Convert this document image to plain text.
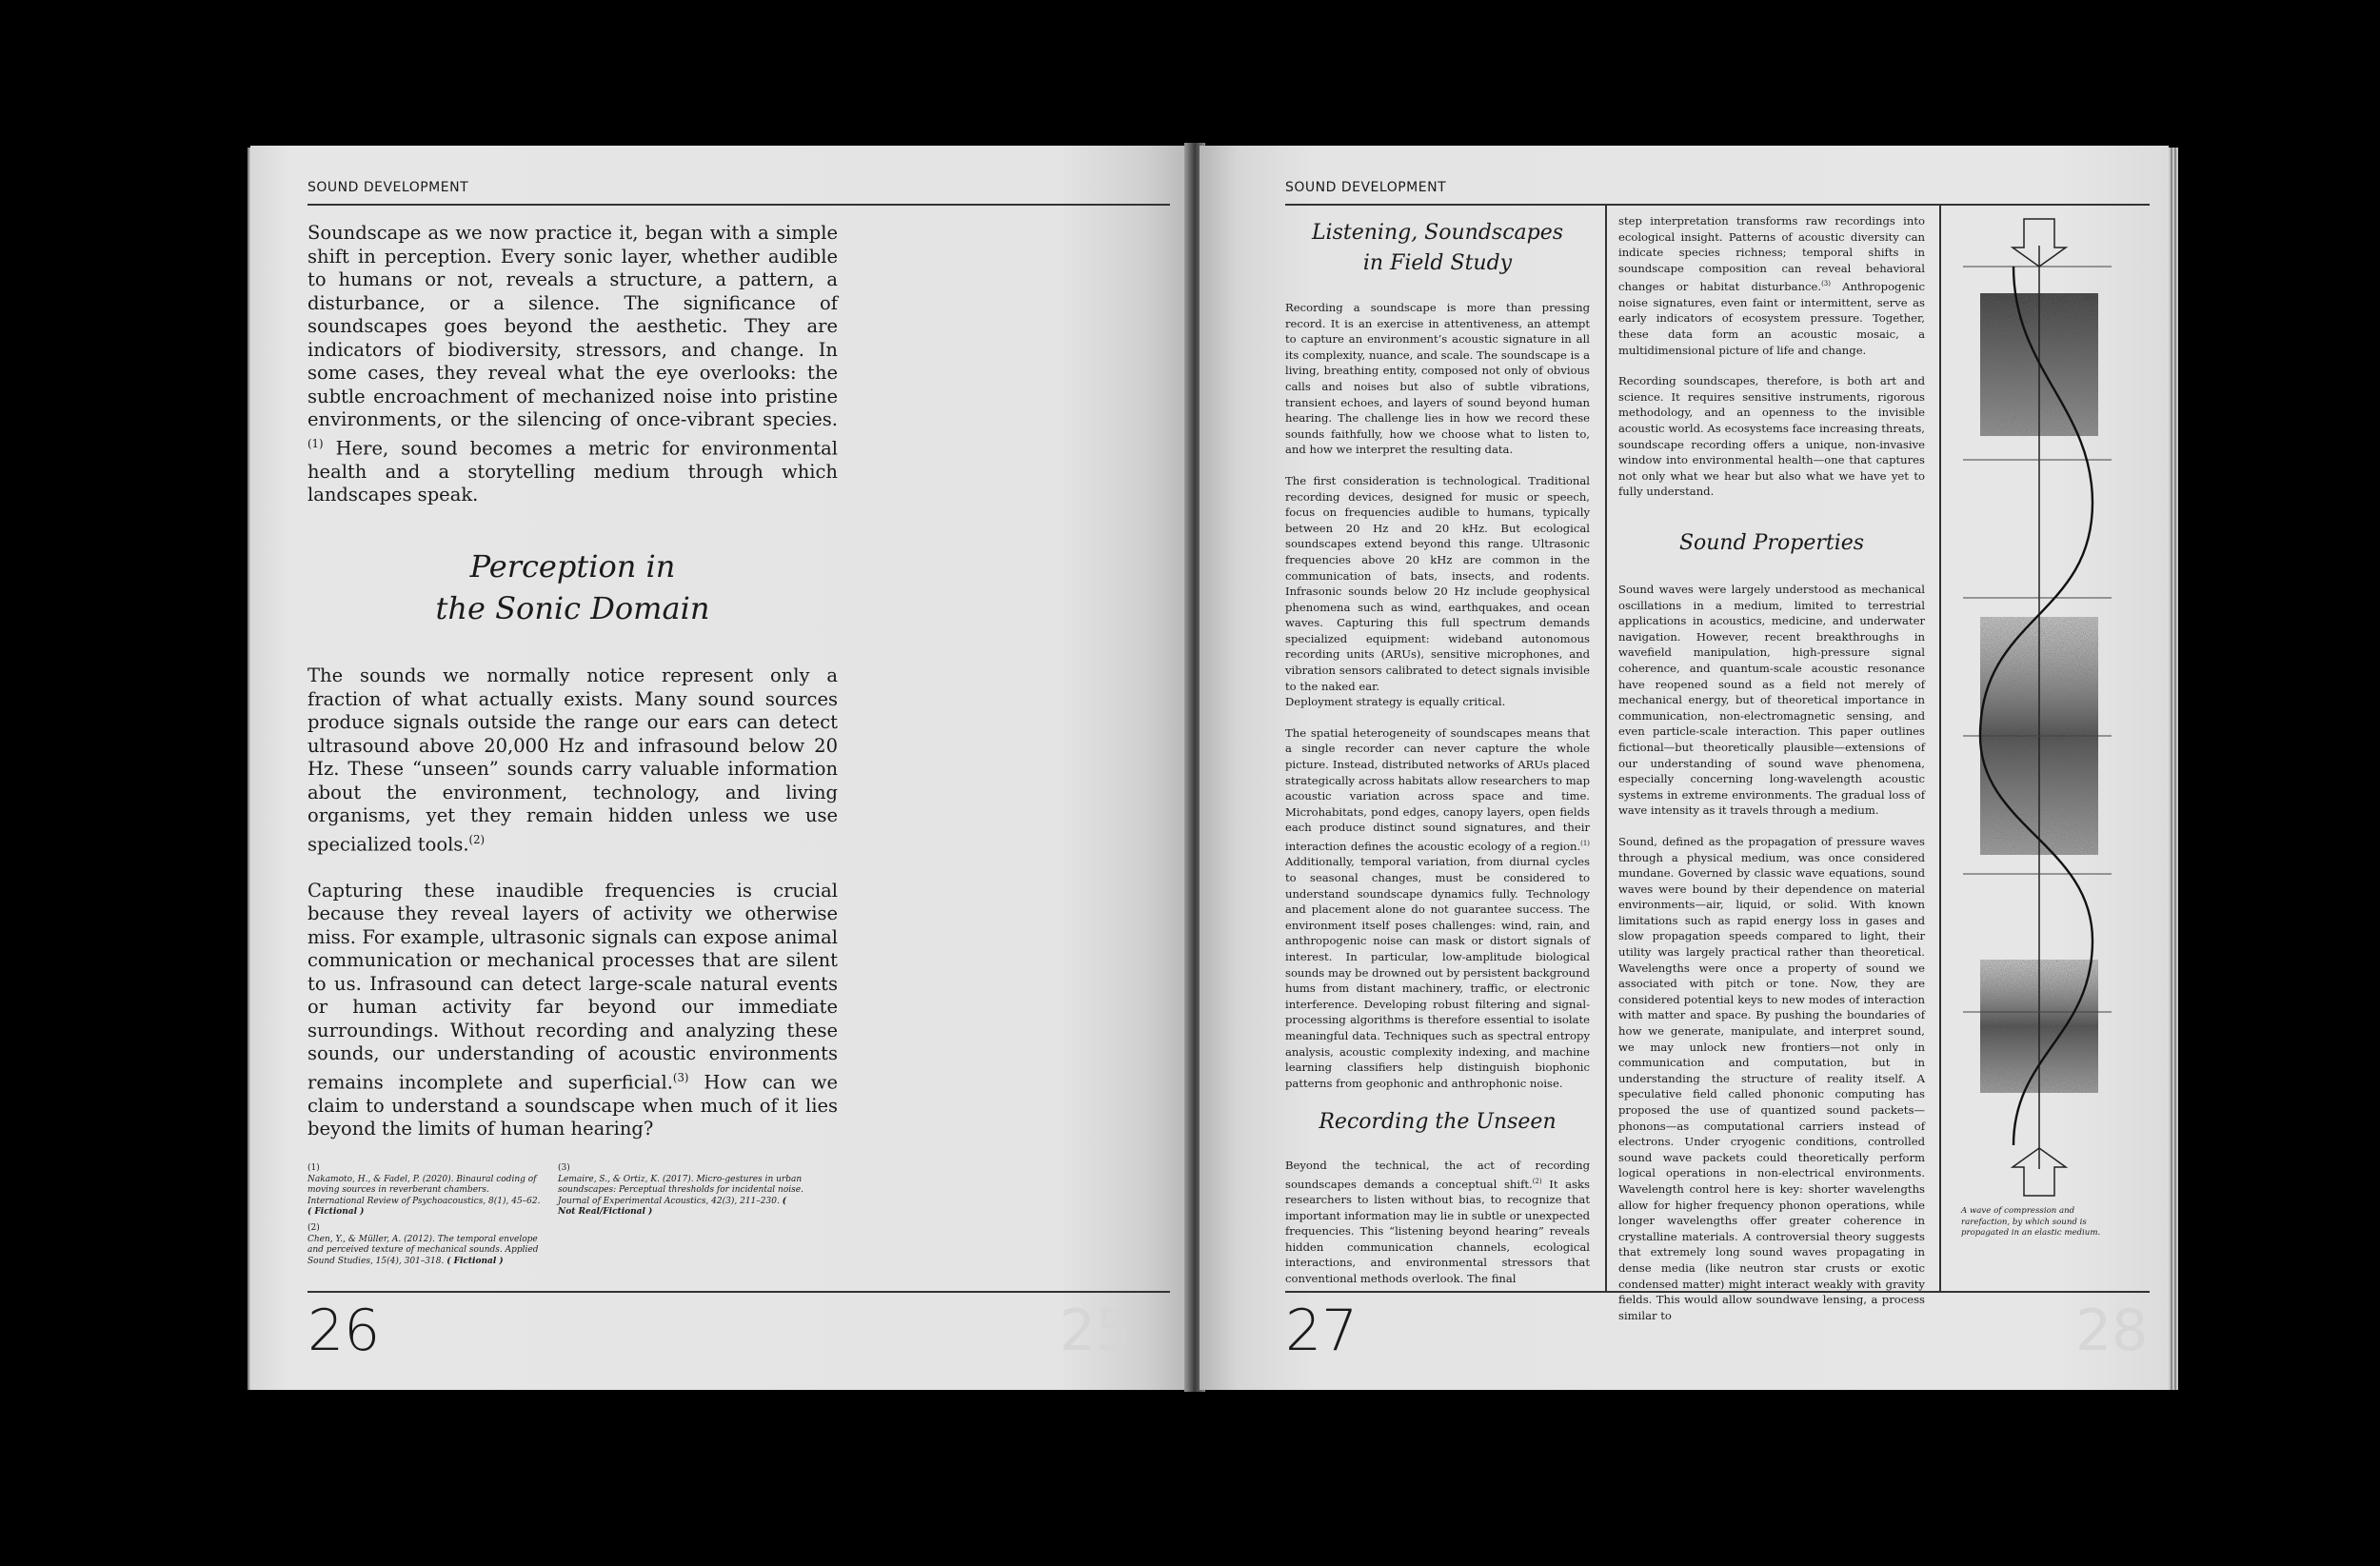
SOUND DEVELOPMENT

Soundscape as we now practice it, began with a simple shift in perception. Every sonic layer, whether audible to humans or not, reveals a structure, a pattern, a disturbance, or a silence. The significance of soundscapes goes beyond the aesthetic. They are indicators of biodiversity, stressors, and change. In some cases, they reveal what the eye overlooks: the subtle encroachment of mechanized noise into pristine environments, or the silencing of once-vibrant species.$^{(1)}$ Here, sound becomes a metric for environmental health and a storytelling medium through which landscapes speak.

Perception in
the Sonic Domain

The sounds we normally notice represent only a fraction of what actually exists. Many sound sources produce signals outside the range our ears can detect ultrasound above 20,000 Hz and infrasound below 20 Hz. These “unseen” sounds carry valuable information about the environment, technology, and living organisms, yet they remain hidden unless we use specialized tools.$^{(2)}$

Capturing these inaudible frequencies is crucial because they reveal layers of activity we otherwise miss. For example, ultrasonic signals can expose animal communication or mechanical processes that are silent to us. Infrasound can detect large-scale natural events or human activity far beyond our immediate surroundings. Without recording and analyzing these sounds, our understanding of acoustic environments remains incomplete and superficial.$^{(3)}$ How can we claim to understand a soundscape when much of it lies beyond the limits of human hearing?

(1)
Nakamoto, H., & Fadel, P. (2020). Binaural coding of moving sources in reverberant chambers. International Review of Psychoacoustics, 8(1), 45–62. ( Fictional )
(2)
Chen, Y., & Müller, A. (2012). The temporal envelope and perceived texture of mechanical sounds. Applied Sound Studies, 15(4), 301–318. ( Fictional )
(3)
Lemaire, S., & Ortiz, K. (2017). Micro-gestures in urban soundscapes: Perceptual thresholds for incidental noise. Journal of Experimental Acoustics, 42(3), 211–230. ( Not Real/Fictional )
26	25
SOUND DEVELOPMENT
Listening, Soundscapes
in Field Study

Recording a soundscape is more than pressing record. It is an exercise in attentiveness, an attempt to capture an environment’s acoustic signature in all its complexity, nuance, and scale. The soundscape is a living, breathing entity, composed not only of obvious calls and noises but also of subtle vibrations, transient echoes, and layers of sound beyond human hearing. The challenge lies in how we record these sounds faithfully, how we choose what to listen to, and how we interpret the resulting data.

The first consideration is technological. Traditional recording devices, designed for music or speech, focus on frequencies audible to humans, typically between 20 Hz and 20 kHz. But ecological soundscapes extend beyond this range. Ultrasonic frequencies above 20 kHz are common in the communication of bats, insects, and rodents. Infrasonic sounds below 20 Hz include geophysical phenomena such as wind, earthquakes, and ocean waves. Capturing this full spectrum demands specialized equipment: wideband autonomous recording units (ARUs), sensitive microphones, and vibration sensors calibrated to detect signals invisible to the naked ear.

Deployment strategy is equally critical.

The spatial heterogeneity of soundscapes means that a single recorder can never capture the whole picture. Instead, distributed networks of ARUs placed strategically across habitats allow researchers to map acoustic variation across space and time. Microhabitats, pond edges, canopy layers, open fields each produce distinct sound signatures, and their interaction defines the acoustic ecology of a region.$^{(1)}$ Additionally, temporal variation, from diurnal cycles to seasonal changes, must be considered to understand soundscape dynamics fully. Technology and placement alone do not guarantee success. The environment itself poses challenges: wind, rain, and anthropogenic noise can mask or distort signals of interest. In particular, low-amplitude biological sounds may be drowned out by persistent background hums from distant machinery, traffic, or electronic interference. Developing robust filtering and signal-processing algorithms is therefore essential to isolate meaningful data. Techniques such as spectral entropy analysis, acoustic complexity indexing, and machine learning classifiers help distinguish biophonic patterns from geophonic and anthrophonic noise.

Recording the Unseen

Beyond the technical, the act of recording soundscapes demands a conceptual shift.$^{(2)}$ It asks researchers to listen without bias, to recognize that important information may lie in subtle or unexpected frequencies. This “listening beyond hearing” reveals hidden communication channels, ecological interactions, and environmental stressors that conventional methods overlook. The final

step interpretation transforms raw recordings into ecological insight. Patterns of acoustic diversity can indicate species richness; temporal shifts in soundscape composition can reveal behavioral changes or habitat disturbance.$^{(3)}$ Anthropogenic noise signatures, even faint or intermittent, serve as early indicators of ecosystem pressure. Together, these data form an acoustic mosaic, a multidimensional picture of life and change.

Recording soundscapes, therefore, is both art and science. It requires sensitive instruments, rigorous methodology, and an openness to the invisible acoustic world. As ecosystems face increasing threats, soundscape recording offers a unique, non-invasive window into environmental health—one that captures not only what we hear but also what we have yet to fully understand.

Sound Properties

Sound waves were largely understood as mechanical oscillations in a medium, limited to terrestrial applications in acoustics, medicine, and underwater navigation. However, recent breakthroughs in wavefield manipulation, high-pressure signal coherence, and quantum-scale acoustic resonance have reopened sound as a field not merely of mechanical energy, but of theoretical importance in communication, non-electromagnetic sensing, and even particle-scale interaction. This paper outlines fictional—but theoretically plausible—extensions of our understanding of sound wave phenomena, especially concerning long-wavelength acoustic systems in extreme environments. The gradual loss of wave intensity as it travels through a medium.

Sound, defined as the propagation of pressure waves through a physical medium, was once considered mundane. Governed by classic wave equations, sound waves were bound by their dependence on material environments—air, liquid, or solid. With known limitations such as rapid energy loss in gases and slow propagation speeds compared to light, their utility was largely practical rather than theoretical. Wavelengths were once a property of sound we associated with pitch or tone. Now, they are considered potential keys to new modes of interaction with matter and space. By pushing the boundaries of how we generate, manipulate, and interpret sound, we may unlock new frontiers—not only in communication and computation, but in understanding the structure of reality itself. A speculative field called phononic computing has proposed the use of quantized sound packets—phonons—as computational carriers instead of electrons. Under cryogenic conditions, controlled sound wave packets could theoretically perform logical operations in non-electrical environments. Wavelength control here is key: shorter wavelengths allow for higher frequency phonon operations, while longer wavelengths offer greater coherence in crystalline materials. A controversial theory suggests that extremely long sound waves propagating in dense media (like neutron star crusts or exotic condensed matter) might interact weakly with gravity fields. This would allow soundwave lensing, a process similar to

A wave of compression and rarefaction, by which sound is propagated in an elastic medium.
27	28
